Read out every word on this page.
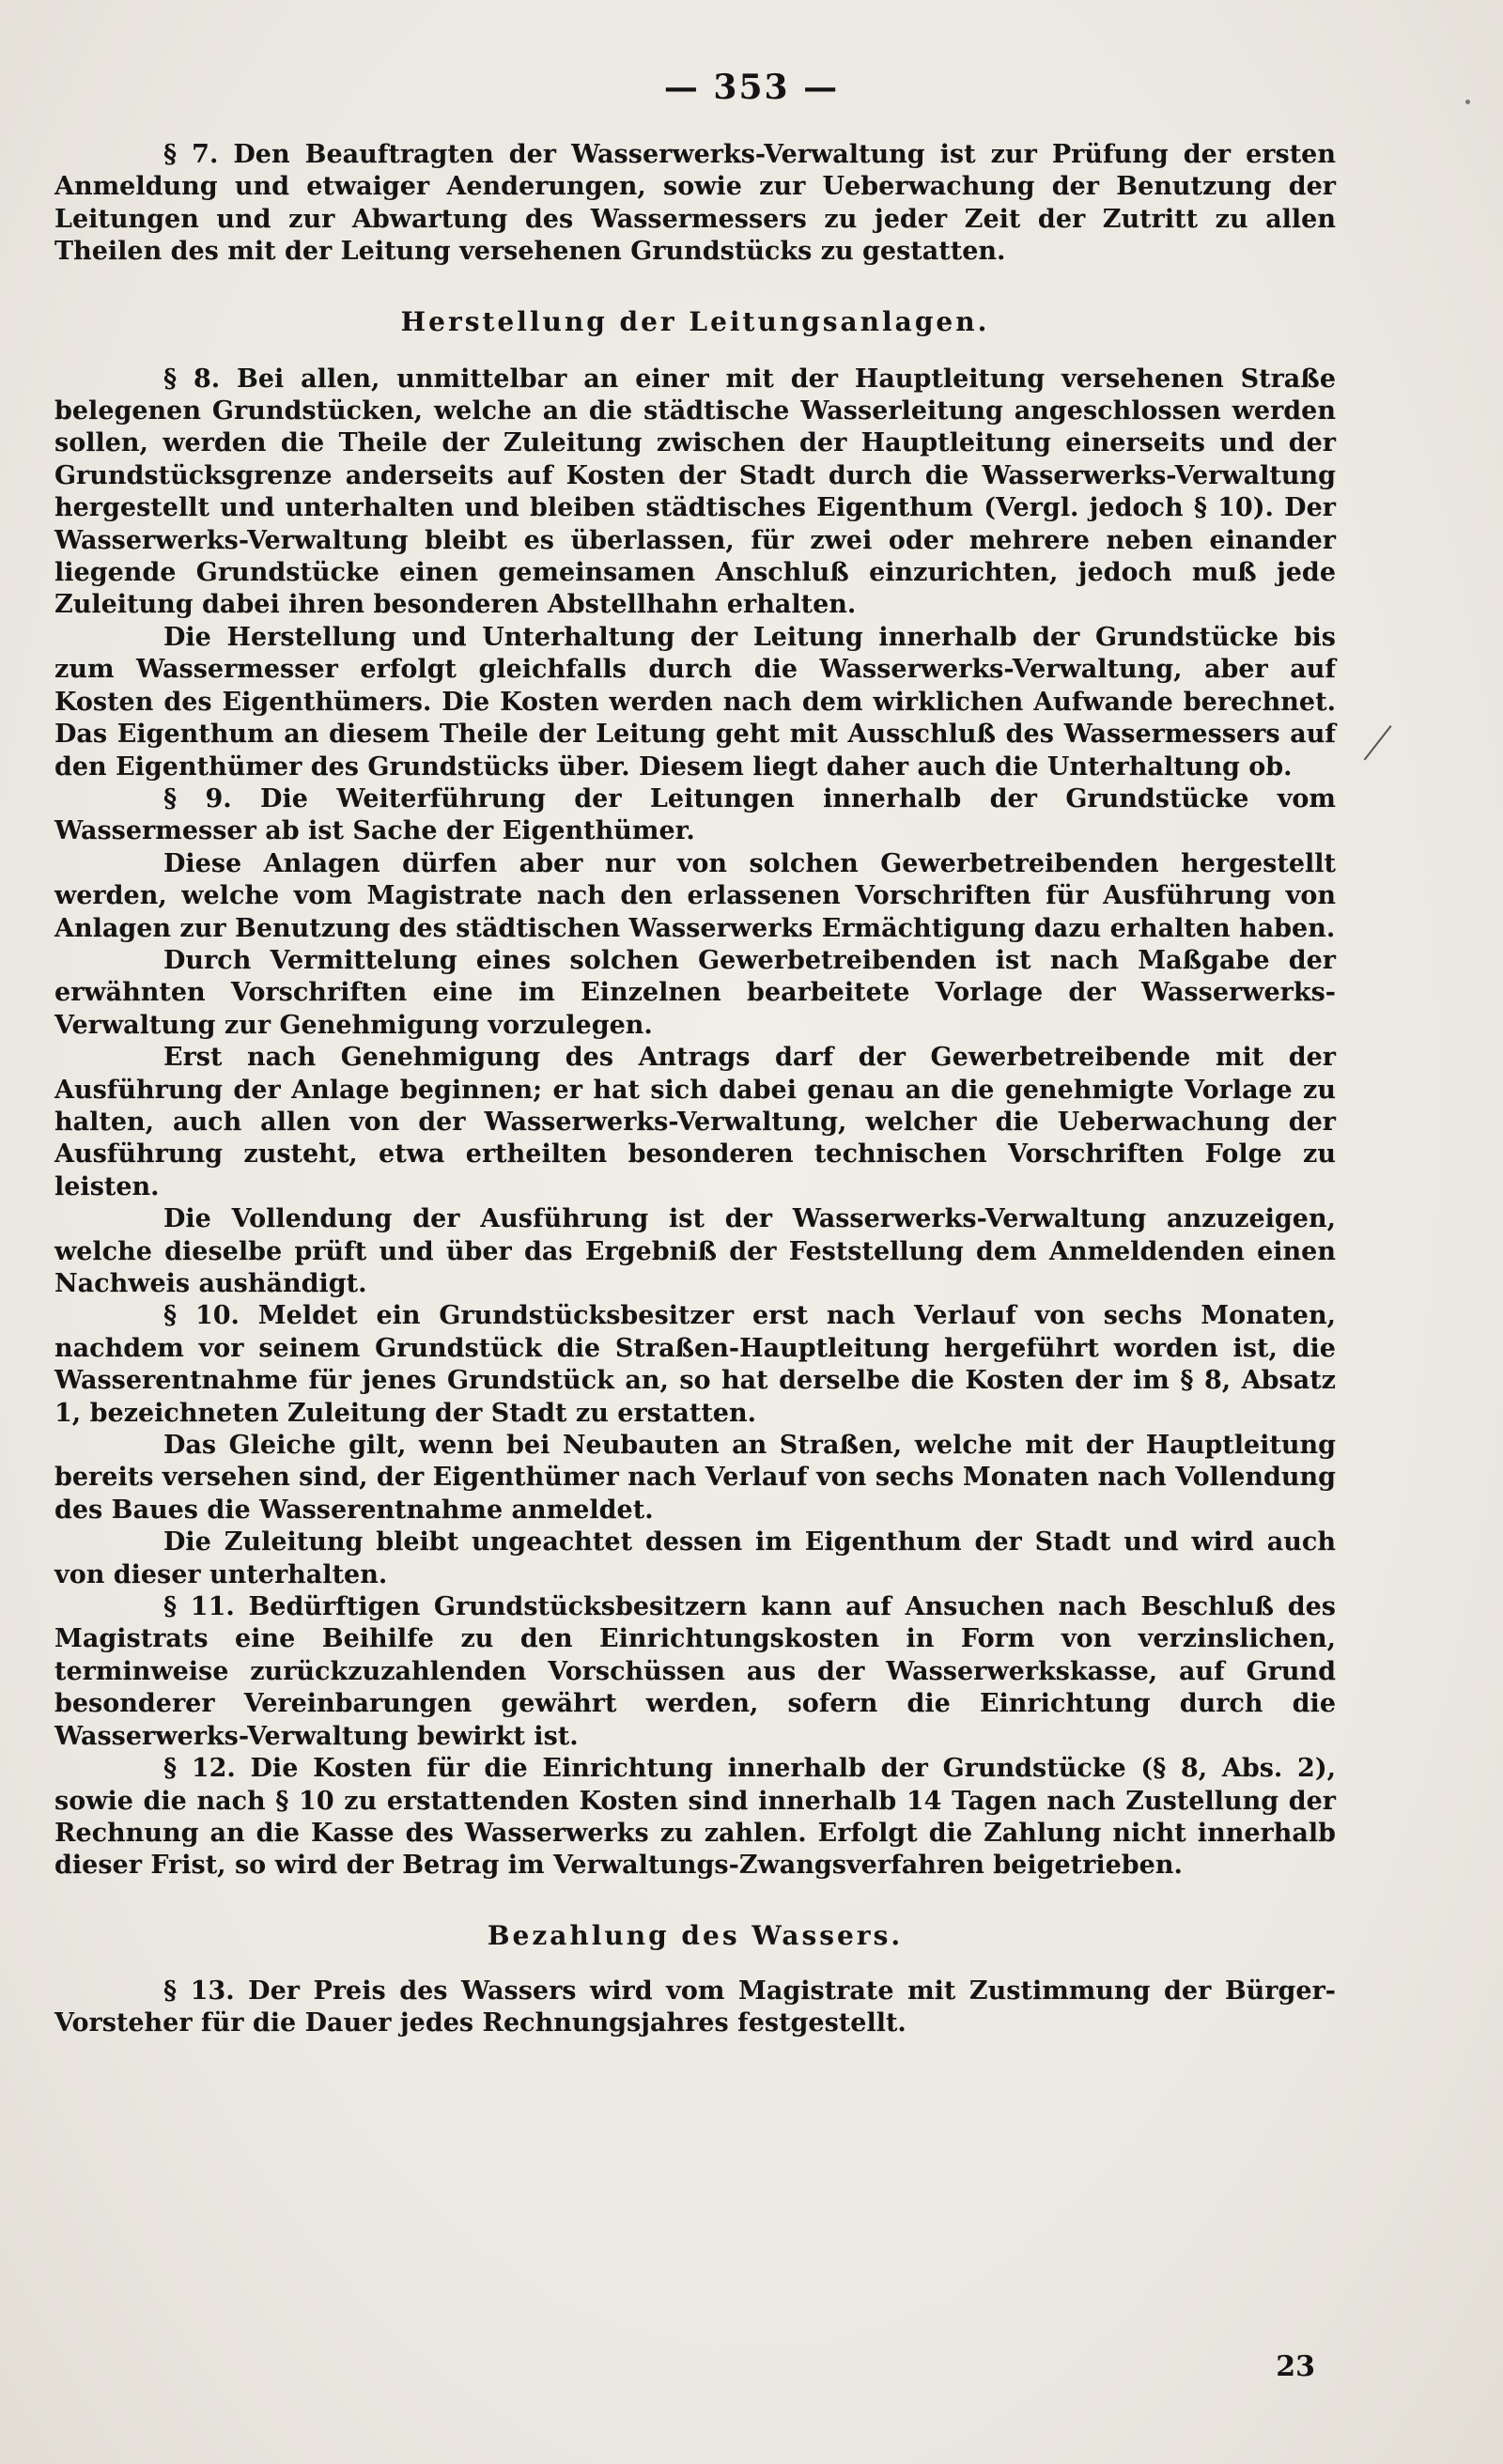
— 353 —

§ 7. Den Beauftragten der Wasserwerks-Verwaltung ist zur Prüfung der ersten Anmeldung und etwaiger Aenderungen, sowie zur Ueberwachung der Benutzung der Leitungen und zur Abwartung des Wassermessers zu jeder Zeit der Zutritt zu allen Theilen des mit der Leitung versehenen Grundstücks zu gestatten.

Herstellung der Leitungsanlagen.

§ 8. Bei allen, unmittelbar an einer mit der Hauptleitung versehenen Straße belegenen Grundstücken, welche an die städtische Wasserleitung angeschlossen werden sollen, werden die Theile der Zuleitung zwischen der Hauptleitung einerseits und der Grundstücksgrenze anderseits auf Kosten der Stadt durch die Wasserwerks-Verwaltung hergestellt und unterhalten und bleiben städtisches Eigenthum (Vergl. jedoch § 10). Der Wasserwerks-Verwaltung bleibt es überlassen, für zwei oder mehrere neben einander liegende Grundstücke einen gemeinsamen Anschluß einzurichten, jedoch muß jede Zuleitung dabei ihren besonderen Abstellhahn erhalten.

Die Herstellung und Unterhaltung der Leitung innerhalb der Grundstücke bis zum Wassermesser erfolgt gleichfalls durch die Wasserwerks-Verwaltung, aber auf Kosten des Eigenthümers. Die Kosten werden nach dem wirklichen Aufwande berechnet. Das Eigenthum an diesem Theile der Leitung geht mit Ausschluß des Wassermessers auf den Eigenthümer des Grundstücks über. Diesem liegt daher auch die Unterhaltung ob.

§ 9. Die Weiterführung der Leitungen innerhalb der Grundstücke vom Wassermesser ab ist Sache der Eigenthümer.

Diese Anlagen dürfen aber nur von solchen Gewerbetreibenden hergestellt werden, welche vom Magistrate nach den erlassenen Vorschriften für Ausführung von Anlagen zur Benutzung des städtischen Wasserwerks Ermächtigung dazu erhalten haben.

Durch Vermittelung eines solchen Gewerbetreibenden ist nach Maßgabe der erwähnten Vorschriften eine im Einzelnen bearbeitete Vorlage der Wasserwerks-Verwaltung zur Genehmigung vorzulegen.

Erst nach Genehmigung des Antrags darf der Gewerbetreibende mit der Ausführung der Anlage beginnen; er hat sich dabei genau an die genehmigte Vorlage zu halten, auch allen von der Wasserwerks-Verwaltung, welcher die Ueberwachung der Ausführung zusteht, etwa ertheilten besonderen technischen Vorschriften Folge zu leisten.

Die Vollendung der Ausführung ist der Wasserwerks-Verwaltung anzuzeigen, welche dieselbe prüft und über das Ergebniß der Feststellung dem Anmeldenden einen Nachweis aushändigt.

§ 10. Meldet ein Grundstücksbesitzer erst nach Verlauf von sechs Monaten, nachdem vor seinem Grundstück die Straßen-Hauptleitung hergeführt worden ist, die Wasserentnahme für jenes Grundstück an, so hat derselbe die Kosten der im § 8, Absatz 1, bezeichneten Zuleitung der Stadt zu erstatten.

Das Gleiche gilt, wenn bei Neubauten an Straßen, welche mit der Hauptleitung bereits versehen sind, der Eigenthümer nach Verlauf von sechs Monaten nach Vollendung des Baues die Wasserentnahme anmeldet.

Die Zuleitung bleibt ungeachtet dessen im Eigenthum der Stadt und wird auch von dieser unterhalten.

§ 11. Bedürftigen Grundstücksbesitzern kann auf Ansuchen nach Beschluß des Magistrats eine Beihilfe zu den Einrichtungskosten in Form von verzinslichen, terminweise zurückzuzahlenden Vorschüssen aus der Wasserwerkskasse, auf Grund besonderer Vereinbarungen gewährt werden, sofern die Einrichtung durch die Wasserwerks-Verwaltung bewirkt ist.

§ 12. Die Kosten für die Einrichtung innerhalb der Grundstücke (§ 8, Abs. 2), sowie die nach § 10 zu erstattenden Kosten sind innerhalb 14 Tagen nach Zustellung der Rechnung an die Kasse des Wasserwerks zu zahlen. Erfolgt die Zahlung nicht innerhalb dieser Frist, so wird der Betrag im Verwaltungs-Zwangsverfahren beigetrieben.

Bezahlung des Wassers.

§ 13. Der Preis des Wassers wird vom Magistrate mit Zustimmung der Bürger-Vorsteher für die Dauer jedes Rechnungsjahres festgestellt.

23
